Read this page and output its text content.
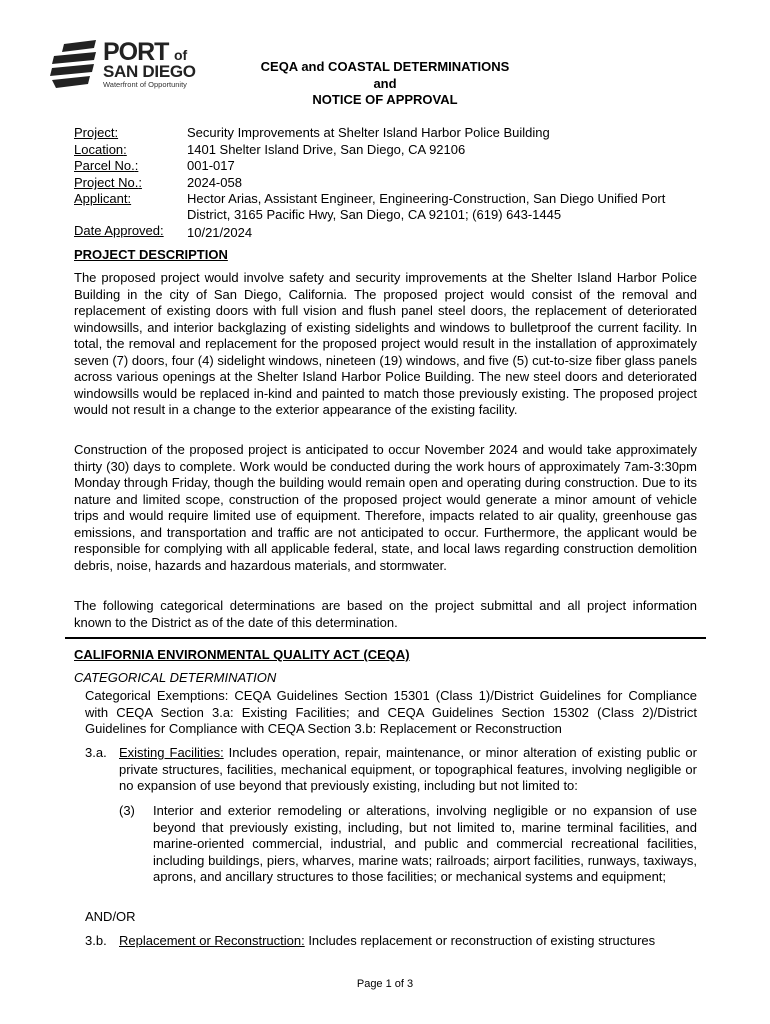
PORT of
SAN DIEGO
Waterfront of Opportunity
CEQA and COASTAL DETERMINATIONS
and
NOTICE OF APPROVAL
Project:	Security Improvements at Shelter Island Harbor Police Building
Location:	1401 Shelter Island Drive, San Diego, CA 92106
Parcel No.:	001-017
Project No.:	2024-058
Applicant:	Hector Arias, Assistant Engineer, Engineering-Construction, San Diego Unified Port
District, 3165 Pacific Hwy, San Diego, CA 92101; (619) 643-1445
Date Approved: 10/21/2024
PROJECT DESCRIPTION

The proposed project would involve safety and security improvements at the Shelter Island Harbor Police Building in the city of San Diego, California. The proposed project would consist of the removal and replacement of existing doors with full vision and flush panel steel doors, the replacement of deteriorated windowsills, and interior backglazing of existing sidelights and windows to bulletproof the current facility. In total, the removal and replacement for the proposed project would result in the installation of approximately seven (7) doors, four (4) sidelight windows, nineteen (19) windows, and five (5) cut-to-size fiber glass panels across various openings at the Shelter Island Harbor Police Building. The new steel doors and deteriorated windowsills would be replaced in-kind and painted to match those previously existing. The proposed project would not result in a change to the exterior appearance of the existing facility.

Construction of the proposed project is anticipated to occur November 2024 and would take approximately thirty (30) days to complete. Work would be conducted during the work hours of approximately 7am-3:30pm Monday through Friday, though the building would remain open and operating during construction. Due to its nature and limited scope, construction of the proposed project would generate a minor amount of vehicle trips and would require limited use of equipment. Therefore, impacts related to air quality, greenhouse gas emissions, and transportation and traffic are not anticipated to occur. Furthermore, the applicant would be responsible for complying with all applicable federal, state, and local laws regarding construction demolition debris, noise, hazards and hazardous materials, and stormwater.

The following categorical determinations are based on the project submittal and all project information known to the District as of the date of this determination.

CALIFORNIA ENVIRONMENTAL QUALITY ACT (CEQA)
CATEGORICAL DETERMINATION

Categorical Exemptions: CEQA Guidelines Section 15301 (Class 1)/District Guidelines for Compliance with CEQA Section 3.a: Existing Facilities; and CEQA Guidelines Section 15302 (Class 2)/District Guidelines for Compliance with CEQA Section 3.b: Replacement or Reconstruction

3.a. Existing Facilities: Includes operation, repair, maintenance, or minor alteration of existing public or private structures, facilities, mechanical equipment, or topographical features, involving negligible or no expansion of use beyond that previously existing, including but not limited to:

(3) Interior and exterior remodeling or alterations, involving negligible or no expansion of use beyond that previously existing, including, but not limited to, marine terminal facilities, and marine-oriented commercial, industrial, and public and commercial recreational facilities, including buildings, piers, wharves, marine wats; railroads; airport facilities, runways, taxiways, aprons, and ancillary structures to those facilities; or mechanical systems and equipment;

AND/OR
3.b. Replacement or Reconstruction: Includes replacement or reconstruction of existing structures

Page 1 of 3
